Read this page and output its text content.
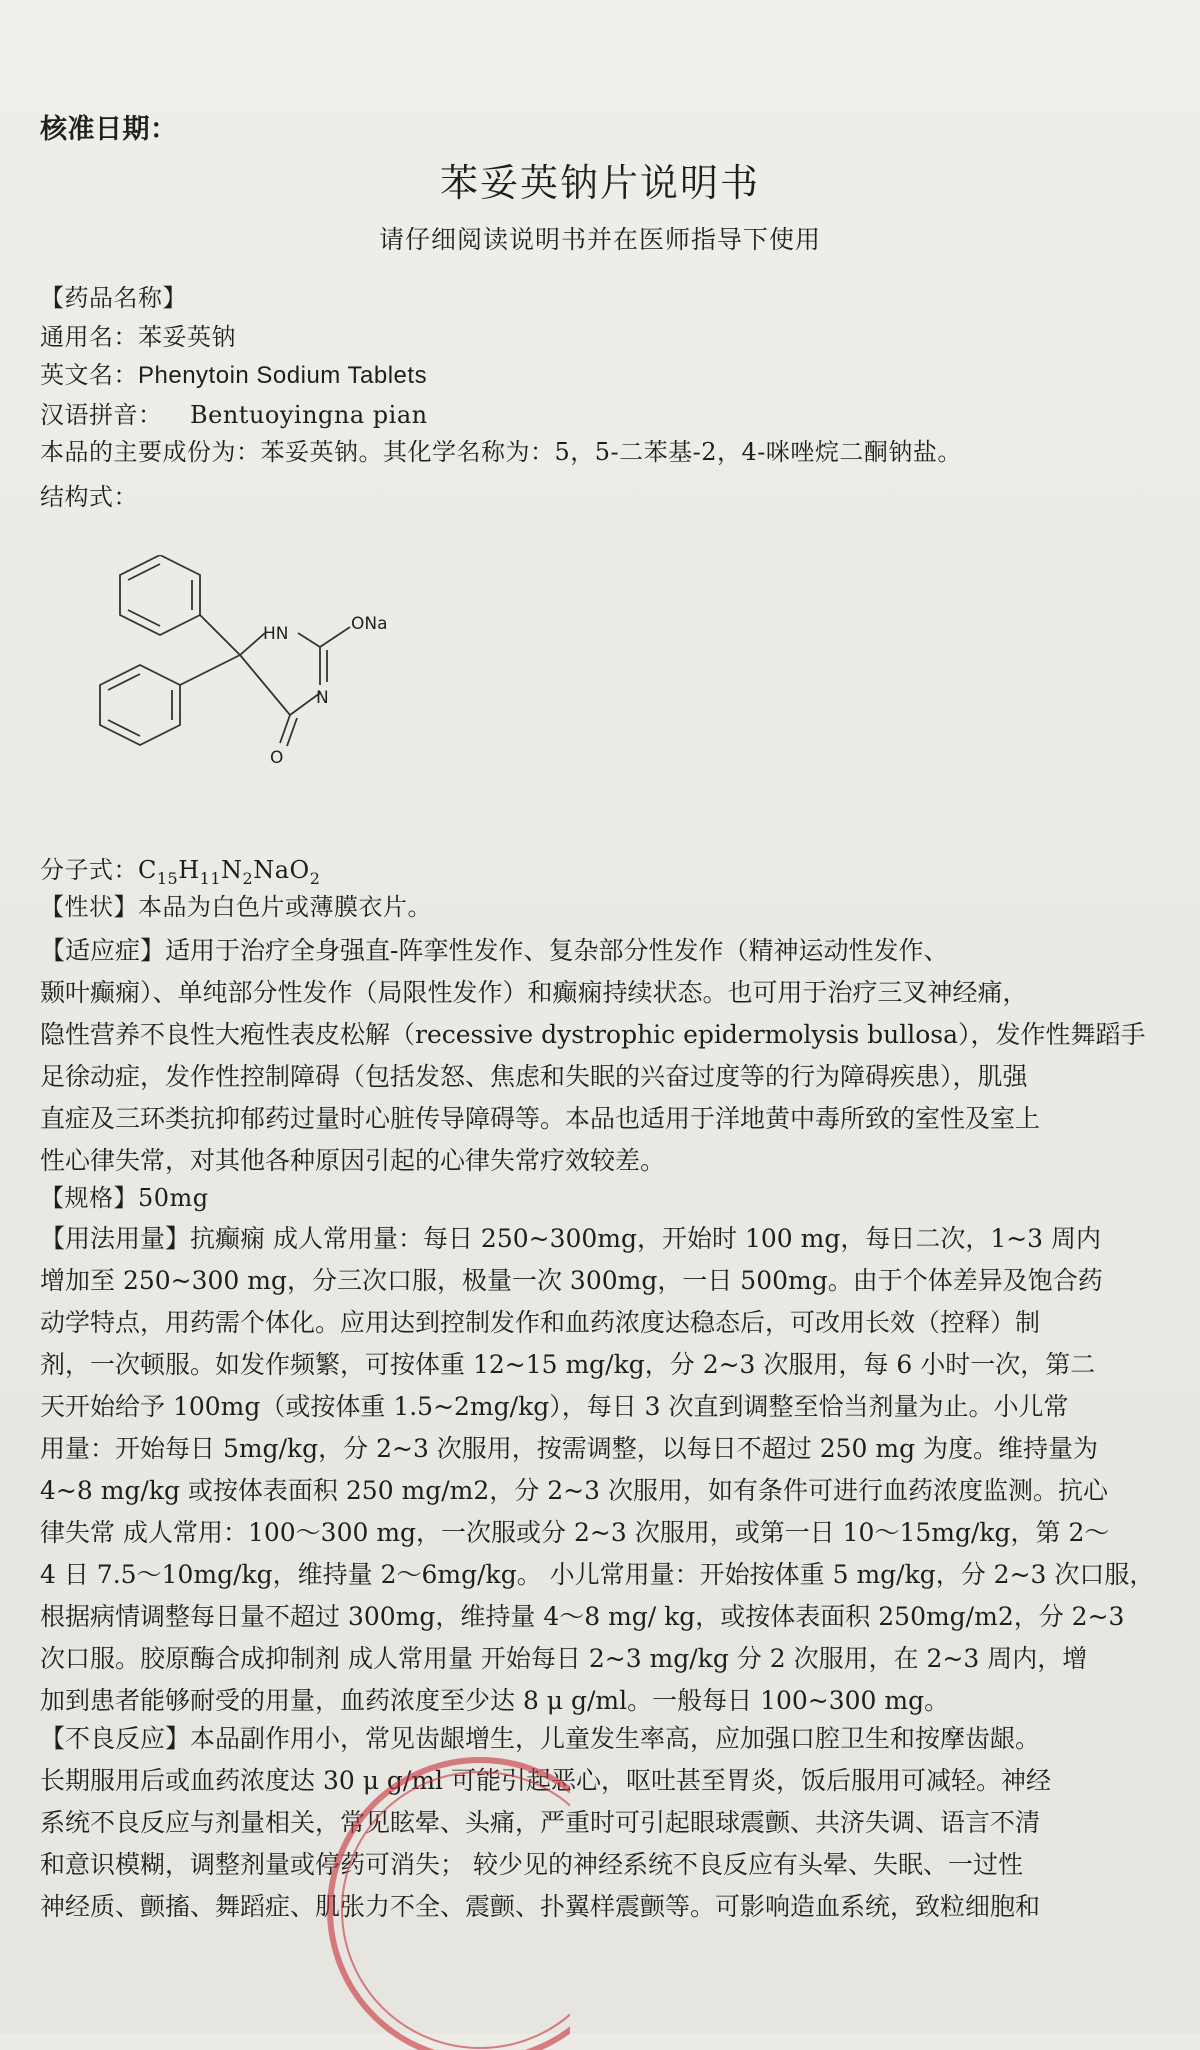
核准日期：
苯妥英钠片说明书
请仔细阅读说明书并在医师指导下使用
【药品名称】
通用名：苯妥英钠
英文名：Phenytoin Sodium Tablets
汉语拼音： Bentuoyingna pian
本品的主要成份为：苯妥英钠。其化学名称为：5，5-二苯基-2，4-咪唑烷二酮钠盐。
结构式：
HN	ONa
N
O
分子式：$C_{15}H_{11}N_2NaO_2$
【性状】本品为白色片或薄膜衣片。
【适应症】适用于治疗全身强直-阵挛性发作、复杂部分性发作（精神运动性发作、
颞叶癫痫）、单纯部分性发作（局限性发作）和癫痫持续状态。也可用于治疗三叉神经痛，
隐性营养不良性大疱性表皮松解（recessive dystrophic epidermolysis bullosa），发作性舞蹈手
足徐动症，发作性控制障碍（包括发怒、焦虑和失眠的兴奋过度等的行为障碍疾患），肌强
直症及三环类抗抑郁药过量时心脏传导障碍等。本品也适用于洋地黄中毒所致的室性及室上
性心律失常，对其他各种原因引起的心律失常疗效较差。
【规格】50mg
【用法用量】抗癫痫 成人常用量：每日 250~300mg，开始时 100 mg，每日二次，1~3 周内
增加至 250~300 mg，分三次口服，极量一次 300mg，一日 500mg。由于个体差异及饱合药
动学特点，用药需个体化。应用达到控制发作和血药浓度达稳态后，可改用长效（控释）制
剂，一次顿服。如发作频繁，可按体重 12~15 mg/kg，分 2~3 次服用，每 6 小时一次，第二
天开始给予 100mg（或按体重 1.5~2mg/kg），每日 3 次直到调整至恰当剂量为止。小儿常
用量：开始每日 5mg/kg，分 2~3 次服用，按需调整，以每日不超过 250 mg 为度。维持量为
4~8 mg/kg 或按体表面积 250 mg/m2，分 2~3 次服用，如有条件可进行血药浓度监测。抗心
律失常 成人常用：100～300 mg，一次服或分 2~3 次服用，或第一日 10～15mg/kg，第 2～
4 日 7.5～10mg/kg，维持量 2～6mg/kg。 小儿常用量：开始按体重 5 mg/kg，分 2~3 次口服，
根据病情调整每日量不超过 300mg，维持量 4～8 mg/ kg，或按体表面积 250mg/m2，分 2~3
次口服。胶原酶合成抑制剂 成人常用量 开始每日 2~3 mg/kg 分 2 次服用，在 2~3 周内，增
加到患者能够耐受的用量，血药浓度至少达 8 μ g/ml。一般每日 100~300 mg。
【不良反应】本品副作用小，常见齿龈增生，儿童发生率高，应加强口腔卫生和按摩齿龈。
长期服用后或血药浓度达 30 μ g/ml 可能引起恶心，呕吐甚至胃炎，饭后服用可减轻。神经
系统不良反应与剂量相关，常见眩晕、头痛，严重时可引起眼球震颤、共济失调、语言不清
和意识模糊，调整剂量或停药可消失； 较少见的神经系统不良反应有头晕、失眠、一过性
神经质、颤搐、舞蹈症、肌张力不全、震颤、扑翼样震颤等。可影响造血系统，致粒细胞和
